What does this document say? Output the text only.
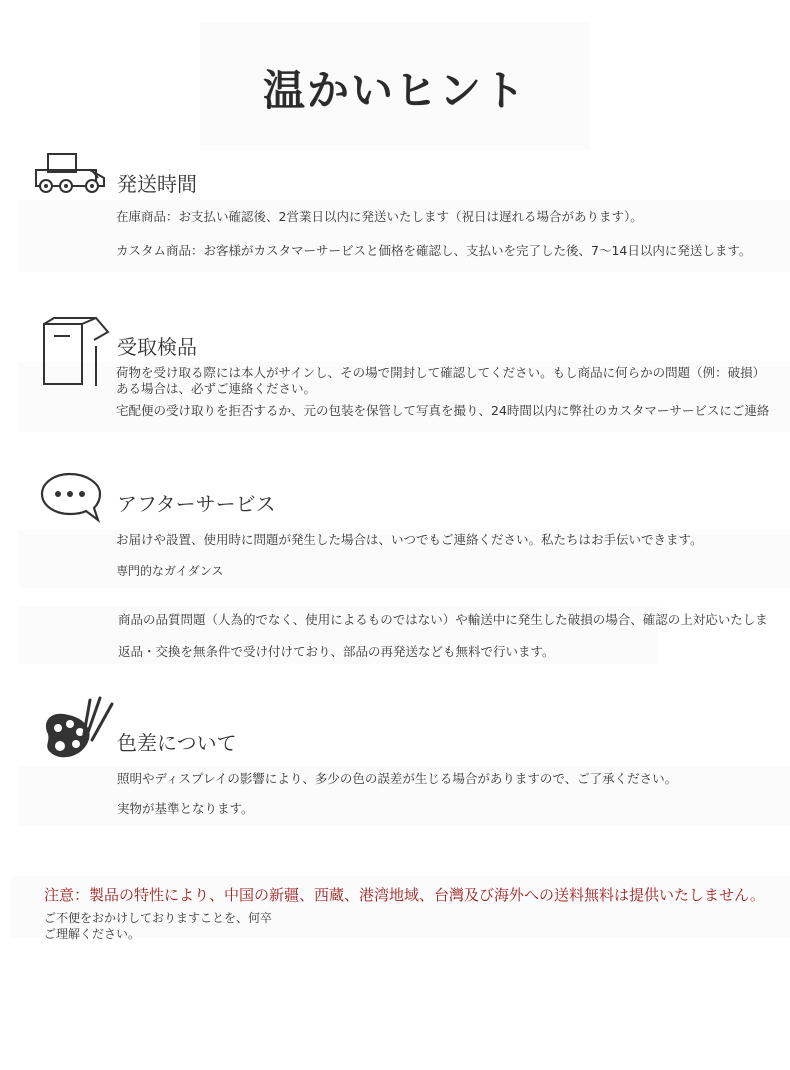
温かいヒント
発送時間
在庫商品：お支払い確認後、2営業日以内に発送いたします（祝日は遅れる場合があります）。
カスタム商品：お客様がカスタマーサービスと価格を確認し、支払いを完了した後、7〜14日以内に発送します。
受取検品
荷物を受け取る際には本人がサインし、その場で開封して確認してください。もし商品に何らかの問題（例：破損）
ある場合は、必ずご連絡ください。
宅配便の受け取りを拒否するか、元の包装を保管して写真を撮り、24時間以内に弊社のカスタマーサービスにご連絡
アフターサービス
お届けや設置、使用時に問題が発生した場合は、いつでもご連絡ください。私たちはお手伝いできます。
専門的なガイダンス
商品の品質問題（人為的でなく、使用によるものではない）や輸送中に発生した破損の場合、確認の上対応いたしま
返品・交換を無条件で受け付けており、部品の再発送なども無料で行います。
色差について
照明やディスプレイの影響により、多少の色の誤差が生じる場合がありますので、ご了承ください。
実物が基準となります。
注意：製品の特性により、中国の新疆、西蔵、港湾地域、台灣及び海外への送料無料は提供いたしません。
ご不便をおかけしておりますことを、何卒ご理解ください。
